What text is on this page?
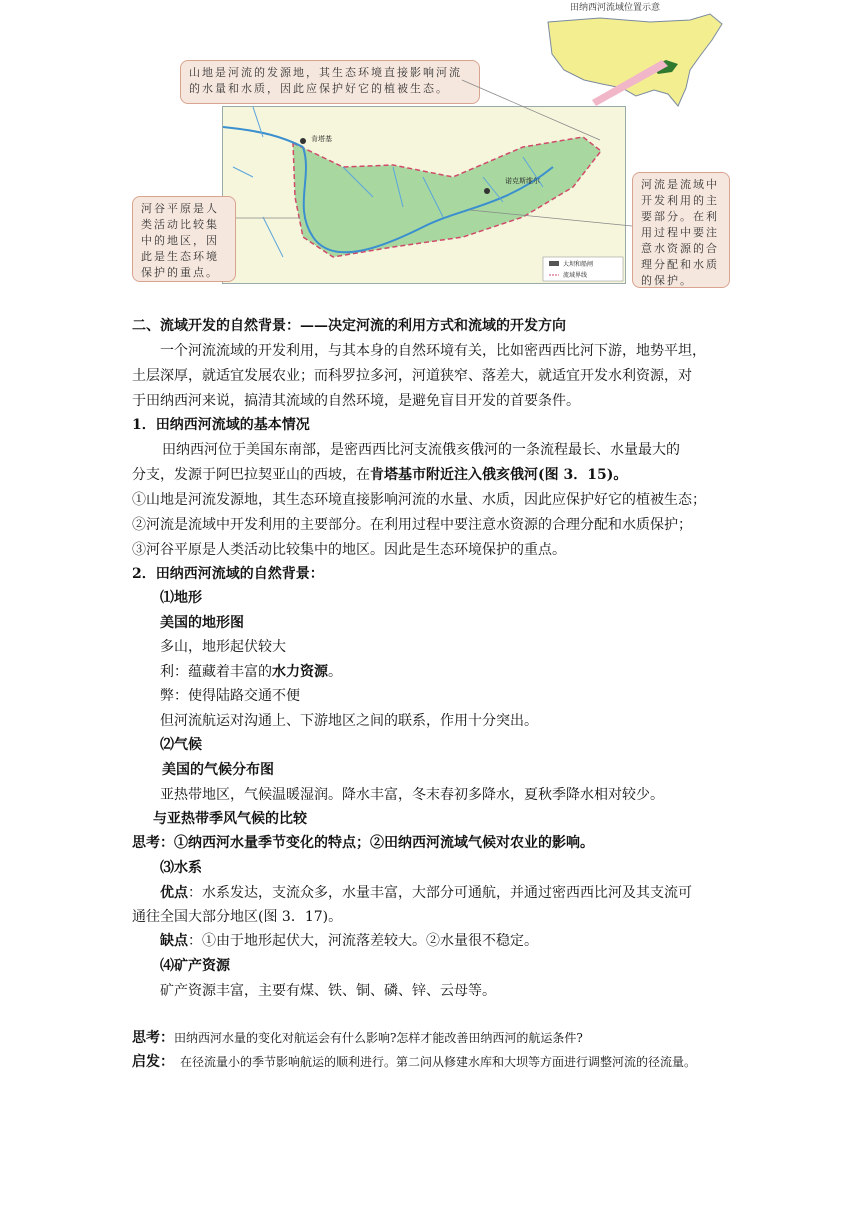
田纳西河流域位置示意
山地是河流的发源地，其生态环境直接影响河流的水量和水质，因此应保护好它的植被生态。
肯塔基
诺克斯维尔
大坝和船闸
流域界线
河谷平原是人类活动比较集中的地区，因此是生态环境保护的重点。
河流是流域中开发利用的主要部分。在利用过程中要注意水资源的合理分配和水质的保护。
二、流域开发的自然背景：——决定河流的利用方式和流域的开发方向
一个河流流域的开发利用，与其本身的自然环境有关，比如密西西比河下游，地势平坦，
土层深厚，就适宜发展农业；而科罗拉多河，河道狭窄、落差大，就适宜开发水利资源，对
于田纳西河来说，搞清其流域的自然环境，是避免盲目开发的首要条件。
1．田纳西河流域的基本情况
田纳西河位于美国东南部，是密西西比河支流俄亥俄河的一条流程最长、水量最大的
分支，发源于阿巴拉契亚山的西坡，在肯塔基市附近注入俄亥俄河(图 3．15)。
①山地是河流发源地，其生态环境直接影响河流的水量、水质，因此应保护好它的植被生态；
②河流是流域中开发利用的主要部分。在利用过程中要注意水资源的合理分配和水质保护；
③河谷平原是人类活动比较集中的地区。因此是生态环境保护的重点。
2．田纳西河流域的自然背景：
⑴地形
美国的地形图
多山，地形起伏较大
利：蕴藏着丰富的水力资源。
弊：使得陆路交通不便
但河流航运对沟通上、下游地区之间的联系，作用十分突出。
⑵气候
美国的气候分布图
亚热带地区，气候温暖湿润。降水丰富，冬末春初多降水，夏秋季降水相对较少。
与亚热带季风气候的比较
思考：①纳西河水量季节变化的特点；②田纳西河流域气候对农业的影响。
⑶水系
优点：水系发达，支流众多，水量丰富，大部分可通航，并通过密西西比河及其支流可
通往全国大部分地区(图 3．17)。
缺点：①由于地形起伏大，河流落差较大。②水量很不稳定。
⑷矿产资源
矿产资源丰富，主要有煤、铁、铜、磷、锌、云母等。
思考：田纳西河水量的变化对航运会有什么影响?怎样才能改善田纳西河的航运条件?
启发： 在径流量小的季节影响航运的顺利进行。第二问从修建水库和大坝等方面进行调整河流的径流量。
